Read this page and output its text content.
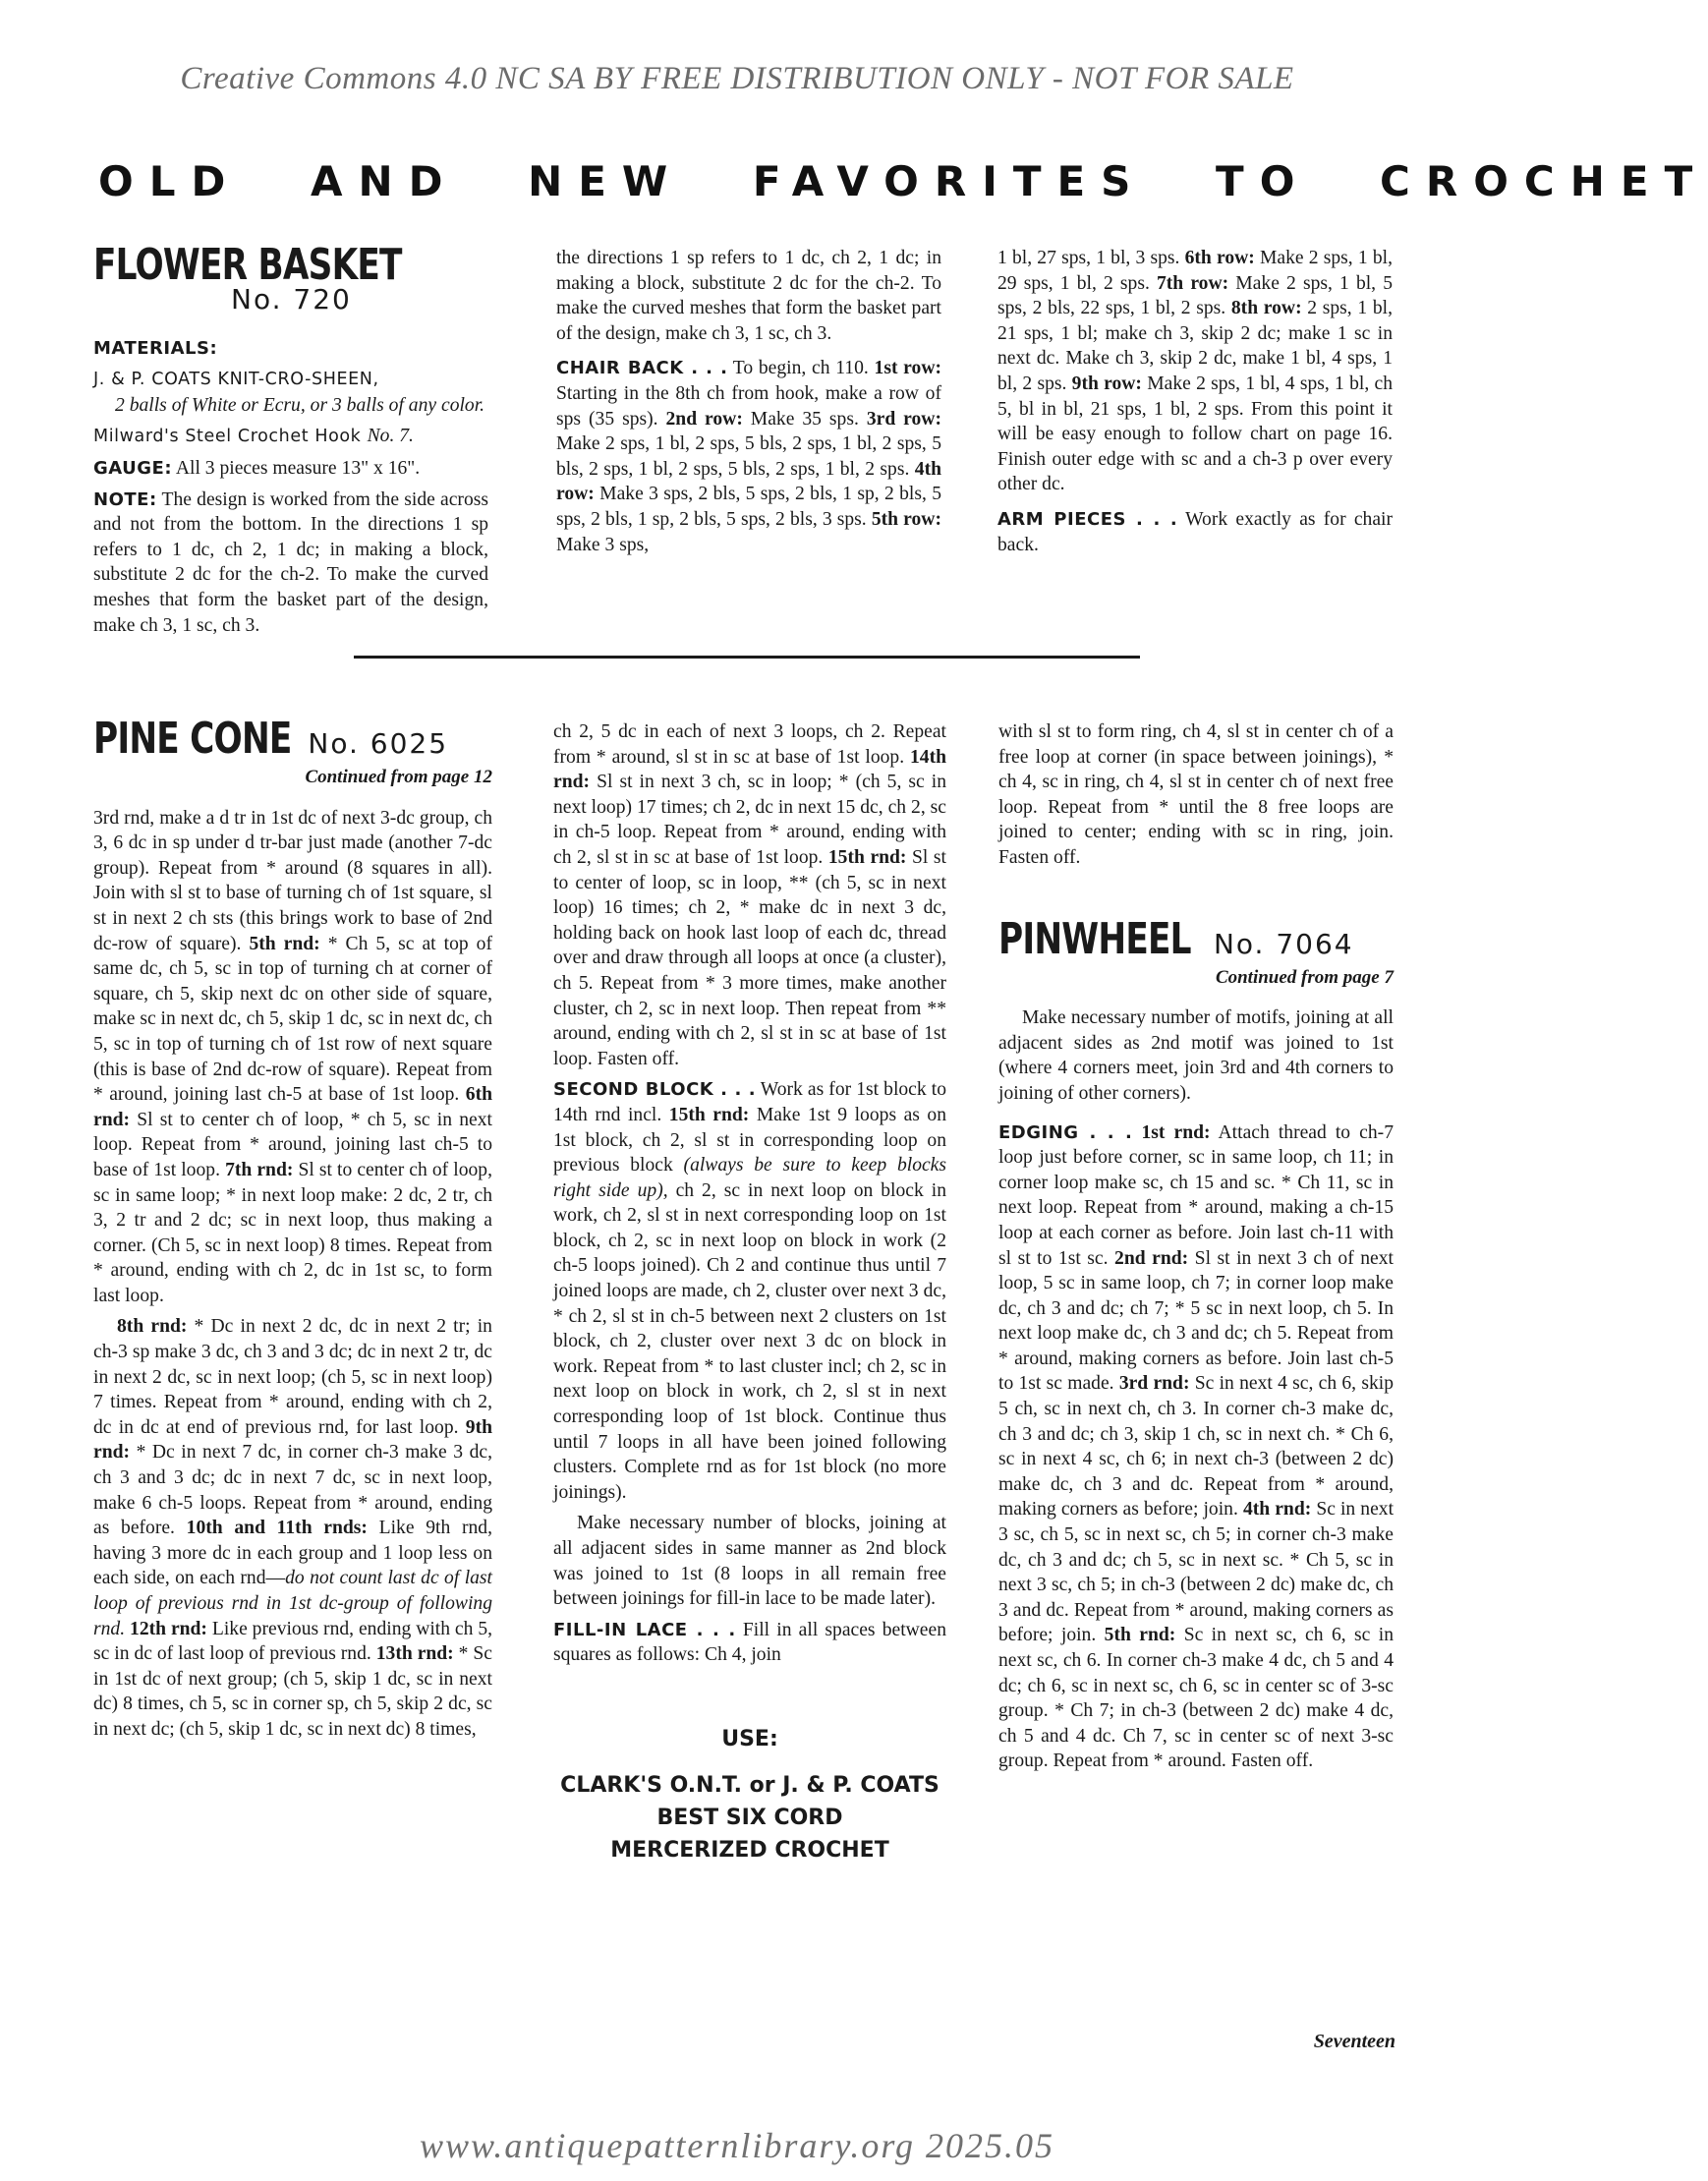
Creative Commons 4.0 NC SA BY FREE DISTRIBUTION ONLY - NOT FOR SALE
OLD AND NEW FAVORITES TO CROCHET
FLOWER BASKET
No. 720

MATERIALS:

J. & P. COATS KNIT-CRO-SHEEN,

2 balls of White or Ecru, or 3 balls of any color.

Milward's Steel Crochet Hook No. 7.

GAUGE: All 3 pieces measure 13" x 16".

NOTE: The design is worked from the side across and not from the bottom. In the directions 1 sp refers to 1 dc, ch 2, 1 dc; in making a block, substitute 2 dc for the ch-2. To make the curved meshes that form the basket part of the design, make ch 3, 1 sc, ch 3.

the directions 1 sp refers to 1 dc, ch 2, 1 dc; in making a block, substitute 2 dc for the ch-2. To make the curved meshes that form the basket part of the design, make ch 3, 1 sc, ch 3.

CHAIR BACK . . . To begin, ch 110. 1st row: Starting in the 8th ch from hook, make a row of sps (35 sps). 2nd row: Make 35 sps. 3rd row: Make 2 sps, 1 bl, 2 sps, 5 bls, 2 sps, 1 bl, 2 sps, 5 bls, 2 sps, 1 bl, 2 sps, 5 bls, 2 sps, 1 bl, 2 sps. 4th row: Make 3 sps, 2 bls, 5 sps, 2 bls, 1 sp, 2 bls, 5 sps, 2 bls, 1 sp, 2 bls, 5 sps, 2 bls, 3 sps. 5th row: Make 3 sps,

1 bl, 27 sps, 1 bl, 3 sps. 6th row: Make 2 sps, 1 bl, 29 sps, 1 bl, 2 sps. 7th row: Make 2 sps, 1 bl, 5 sps, 2 bls, 22 sps, 1 bl, 2 sps. 8th row: 2 sps, 1 bl, 21 sps, 1 bl; make ch 3, skip 2 dc; make 1 sc in next dc. Make ch 3, skip 2 dc, make 1 bl, 4 sps, 1 bl, 2 sps. 9th row: Make 2 sps, 1 bl, 4 sps, 1 bl, ch 5, bl in bl, 21 sps, 1 bl, 2 sps. From this point it will be easy enough to follow chart on page 16. Finish outer edge with sc and a ch-3 p over every other dc.

ARM PIECES . . . Work exactly as for chair back.

PINE CONE No. 6025
Continued from page 12

3rd rnd, make a d tr in 1st dc of next 3-dc group, ch 3, 6 dc in sp under d tr-bar just made (another 7-dc group). Repeat from * around (8 squares in all). Join with sl st to base of turning ch of 1st square, sl st in next 2 ch sts (this brings work to base of 2nd dc-row of square). 5th rnd: * Ch 5, sc at top of same dc, ch 5, sc in top of turning ch at corner of square, ch 5, skip next dc on other side of square, make sc in next dc, ch 5, skip 1 dc, sc in next dc, ch 5, sc in top of turning ch of 1st row of next square (this is base of 2nd dc-row of square). Repeat from * around, joining last ch-5 at base of 1st loop. 6th rnd: Sl st to center ch of loop, * ch 5, sc in next loop. Repeat from * around, joining last ch-5 to base of 1st loop. 7th rnd: Sl st to center ch of loop, sc in same loop; * in next loop make: 2 dc, 2 tr, ch 3, 2 tr and 2 dc; sc in next loop, thus making a corner. (Ch 5, sc in next loop) 8 times. Repeat from * around, ending with ch 2, dc in 1st sc, to form last loop.

8th rnd: * Dc in next 2 dc, dc in next 2 tr; in ch-3 sp make 3 dc, ch 3 and 3 dc; dc in next 2 tr, dc in next 2 dc, sc in next loop; (ch 5, sc in next loop) 7 times. Repeat from * around, ending with ch 2, dc in dc at end of previous rnd, for last loop. 9th rnd: * Dc in next 7 dc, in corner ch-3 make 3 dc, ch 3 and 3 dc; dc in next 7 dc, sc in next loop, make 6 ch-5 loops. Repeat from * around, ending as before. 10th and 11th rnds: Like 9th rnd, having 3 more dc in each group and 1 loop less on each side, on each rnd—do not count last dc of last loop of previous rnd in 1st dc-group of following rnd. 12th rnd: Like previous rnd, ending with ch 5, sc in dc of last loop of previous rnd. 13th rnd: * Sc in 1st dc of next group; (ch 5, skip 1 dc, sc in next dc) 8 times, ch 5, sc in corner sp, ch 5, skip 2 dc, sc in next dc; (ch 5, skip 1 dc, sc in next dc) 8 times,

ch 2, 5 dc in each of next 3 loops, ch 2. Repeat from * around, sl st in sc at base of 1st loop. 14th rnd: Sl st in next 3 ch, sc in loop; * (ch 5, sc in next loop) 17 times; ch 2, dc in next 15 dc, ch 2, sc in ch-5 loop. Repeat from * around, ending with ch 2, sl st in sc at base of 1st loop. 15th rnd: Sl st to center of loop, sc in loop, ** (ch 5, sc in next loop) 16 times; ch 2, * make dc in next 3 dc, holding back on hook last loop of each dc, thread over and draw through all loops at once (a cluster), ch 5. Repeat from * 3 more times, make another cluster, ch 2, sc in next loop. Then repeat from ** around, ending with ch 2, sl st in sc at base of 1st loop. Fasten off.

SECOND BLOCK . . . Work as for 1st block to 14th rnd incl. 15th rnd: Make 1st 9 loops as on 1st block, ch 2, sl st in corresponding loop on previous block (always be sure to keep blocks right side up), ch 2, sc in next loop on block in work, ch 2, sl st in next corresponding loop on 1st block, ch 2, sc in next loop on block in work (2 ch-5 loops joined). Ch 2 and continue thus until 7 joined loops are made, ch 2, cluster over next 3 dc, * ch 2, sl st in ch-5 between next 2 clusters on 1st block, ch 2, cluster over next 3 dc on block in work. Repeat from * to last cluster incl; ch 2, sc in next loop on block in work, ch 2, sl st in next corresponding loop of 1st block. Continue thus until 7 loops in all have been joined following clusters. Complete rnd as for 1st block (no more joinings).

Make necessary number of blocks, joining at all adjacent sides in same manner as 2nd block was joined to 1st (8 loops in all remain free between joinings for fill-in lace to be made later).

FILL-IN LACE . . . Fill in all spaces between squares as follows: Ch 4, join

USE:
CLARK'S O.N.T. or J. & P. COATS
BEST SIX CORD
MERCERIZED CROCHET

with sl st to form ring, ch 4, sl st in center ch of a free loop at corner (in space between joinings), * ch 4, sc in ring, ch 4, sl st in center ch of next free loop. Repeat from * until the 8 free loops are joined to center; ending with sc in ring, join. Fasten off.

PINWHEEL No. 7064
Continued from page 7

Make necessary number of motifs, joining at all adjacent sides as 2nd motif was joined to 1st (where 4 corners meet, join 3rd and 4th corners to joining of other corners).

EDGING . . . 1st rnd: Attach thread to ch-7 loop just before corner, sc in same loop, ch 11; in corner loop make sc, ch 15 and sc. * Ch 11, sc in next loop. Repeat from * around, making a ch-15 loop at each corner as before. Join last ch-11 with sl st to 1st sc. 2nd rnd: Sl st in next 3 ch of next loop, 5 sc in same loop, ch 7; in corner loop make dc, ch 3 and dc; ch 7; * 5 sc in next loop, ch 5. In next loop make dc, ch 3 and dc; ch 5. Repeat from * around, making corners as before. Join last ch-5 to 1st sc made. 3rd rnd: Sc in next 4 sc, ch 6, skip 5 ch, sc in next ch, ch 3. In corner ch-3 make dc, ch 3 and dc; ch 3, skip 1 ch, sc in next ch. * Ch 6, sc in next 4 sc, ch 6; in next ch-3 (between 2 dc) make dc, ch 3 and dc. Repeat from * around, making corners as before; join. 4th rnd: Sc in next 3 sc, ch 5, sc in next sc, ch 5; in corner ch-3 make dc, ch 3 and dc; ch 5, sc in next sc. * Ch 5, sc in next 3 sc, ch 5; in ch-3 (between 2 dc) make dc, ch 3 and dc. Repeat from * around, making corners as before; join. 5th rnd: Sc in next sc, ch 6, sc in next sc, ch 6. In corner ch-3 make 4 dc, ch 5 and 4 dc; ch 6, sc in next sc, ch 6, sc in center sc of 3-sc group. * Ch 7; in ch-3 (between 2 dc) make 4 dc, ch 5 and 4 dc. Ch 7, sc in center sc of next 3-sc group. Repeat from * around. Fasten off.

Seventeen
www.antiquepatternlibrary.org 2025.05
